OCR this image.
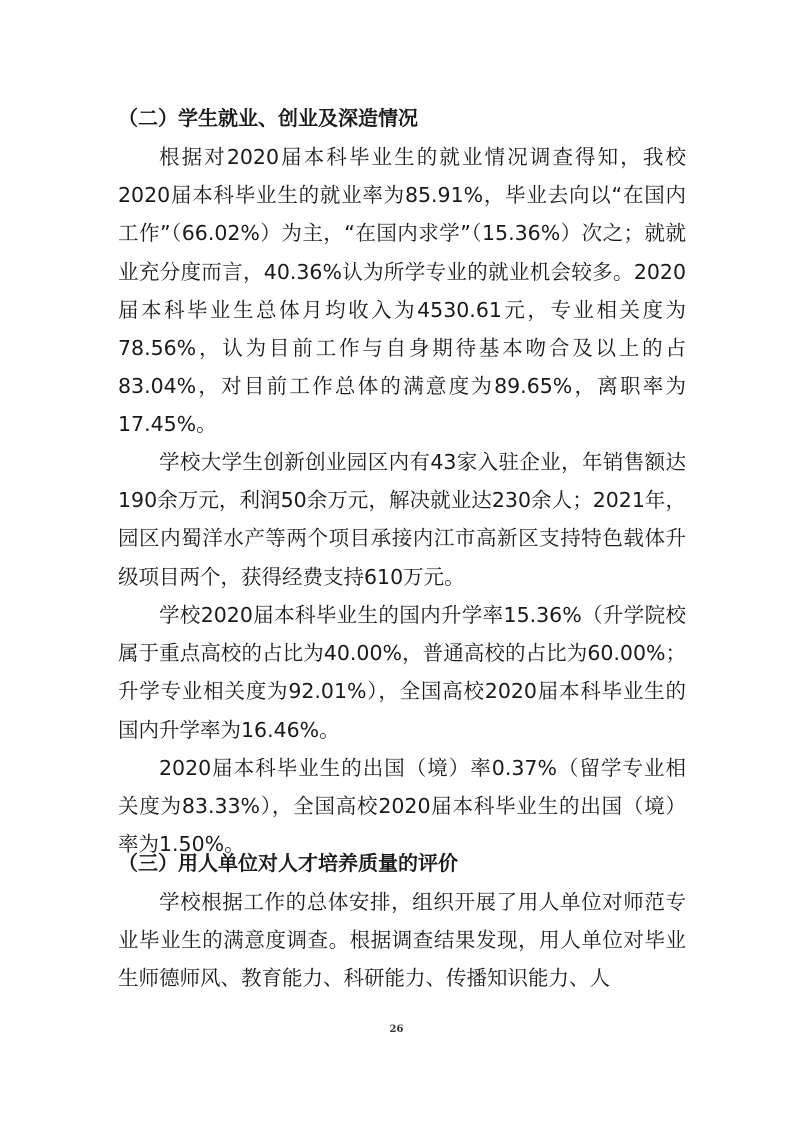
（二）学生就业、创业及深造情况

根据对2020届本科毕业生的就业情况调查得知，我校2020届本科毕业生的就业率为85.91%，毕业去向以“在国内工作”（66.02%）为主，“在国内求学”（15.36%）次之；就就业充分度而言，40.36%认为所学专业的就业机会较多。2020届本科毕业生总体月均收入为4530.61元，专业相关度为78.56%，认为目前工作与自身期待基本吻合及以上的占83.04%，对目前工作总体的满意度为89.65%，离职率为17.45%。

学校大学生创新创业园区内有43家入驻企业，年销售额达190余万元，利润50余万元，解决就业达230余人；2021年，园区内蜀洋水产等两个项目承接内江市高新区支持特色载体升级项目两个，获得经费支持610万元。

学校2020届本科毕业生的国内升学率15.36%（升学院校属于重点高校的占比为40.00%，普通高校的占比为60.00%；升学专业相关度为92.01%），全国高校2020届本科毕业生的国内升学率为16.46%。

2020届本科毕业生的出国（境）率0.37%（留学专业相关度为83.33%），全国高校2020届本科毕业生的出国（境）率为1.50%。

（三）用人单位对人才培养质量的评价

学校根据工作的总体安排，组织开展了用人单位对师范专业毕业生的满意度调查。根据调查结果发现，用人单位对毕业生师德师风、教育能力、科研能力、传播知识能力、人

26
